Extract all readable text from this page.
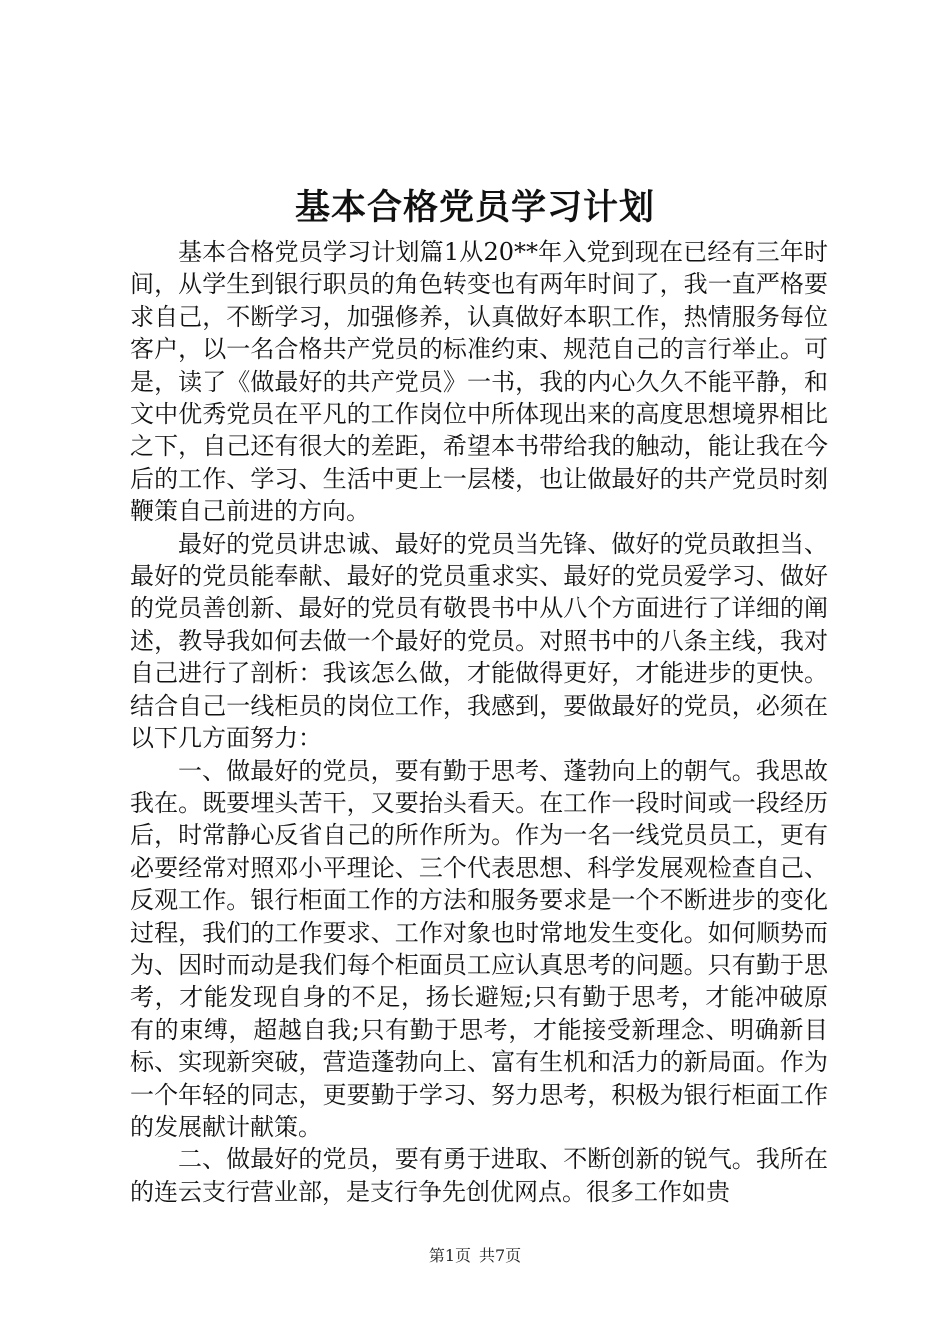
基本合格党员学习计划

基本合格党员学习计划篇1从20**年入党到现在已经有三年时间，从学生到银行职员的角色转变也有两年时间了，我一直严格要求自己，不断学习，加强修养，认真做好本职工作，热情服务每位客户，以一名合格共产党员的标准约束、规范自己的言行举止。可是，读了《做最好的共产党员》一书，我的内心久久不能平静，和文中优秀党员在平凡的工作岗位中所体现出来的高度思想境界相比之下，自己还有很大的差距，希望本书带给我的触动，能让我在今后的工作、学习、生活中更上一层楼，也让做最好的共产党员时刻鞭策自己前进的方向。

最好的党员讲忠诚、最好的党员当先锋、做好的党员敢担当、最好的党员能奉献、最好的党员重求实、最好的党员爱学习、做好的党员善创新、最好的党员有敬畏书中从八个方面进行了详细的阐述，教导我如何去做一个最好的党员。对照书中的八条主线，我对自己进行了剖析：我该怎么做，才能做得更好，才能进步的更快。结合自己一线柜员的岗位工作，我感到，要做最好的党员，必须在以下几方面努力：

一、做最好的党员，要有勤于思考、蓬勃向上的朝气。我思故我在。既要埋头苦干，又要抬头看天。在工作一段时间或一段经历后，时常静心反省自己的所作所为。作为一名一线党员员工，更有必要经常对照邓小平理论、三个代表思想、科学发展观检查自己、反观工作。银行柜面工作的方法和服务要求是一个不断进步的变化过程，我们的工作要求、工作对象也时常地发生变化。如何顺势而为、因时而动是我们每个柜面员工应认真思考的问题。只有勤于思考，才能发现自身的不足，扬长避短;只有勤于思考，才能冲破原有的束缚，超越自我;只有勤于思考，才能接受新理念、明确新目标、实现新突破，营造蓬勃向上、富有生机和活力的新局面。作为一个年轻的同志，更要勤于学习、努力思考，积极为银行柜面工作的发展献计献策。

二、做最好的党员，要有勇于进取、不断创新的锐气。我所在的连云支行营业部，是支行争先创优网点。很多工作如贵

第1页 共7页
